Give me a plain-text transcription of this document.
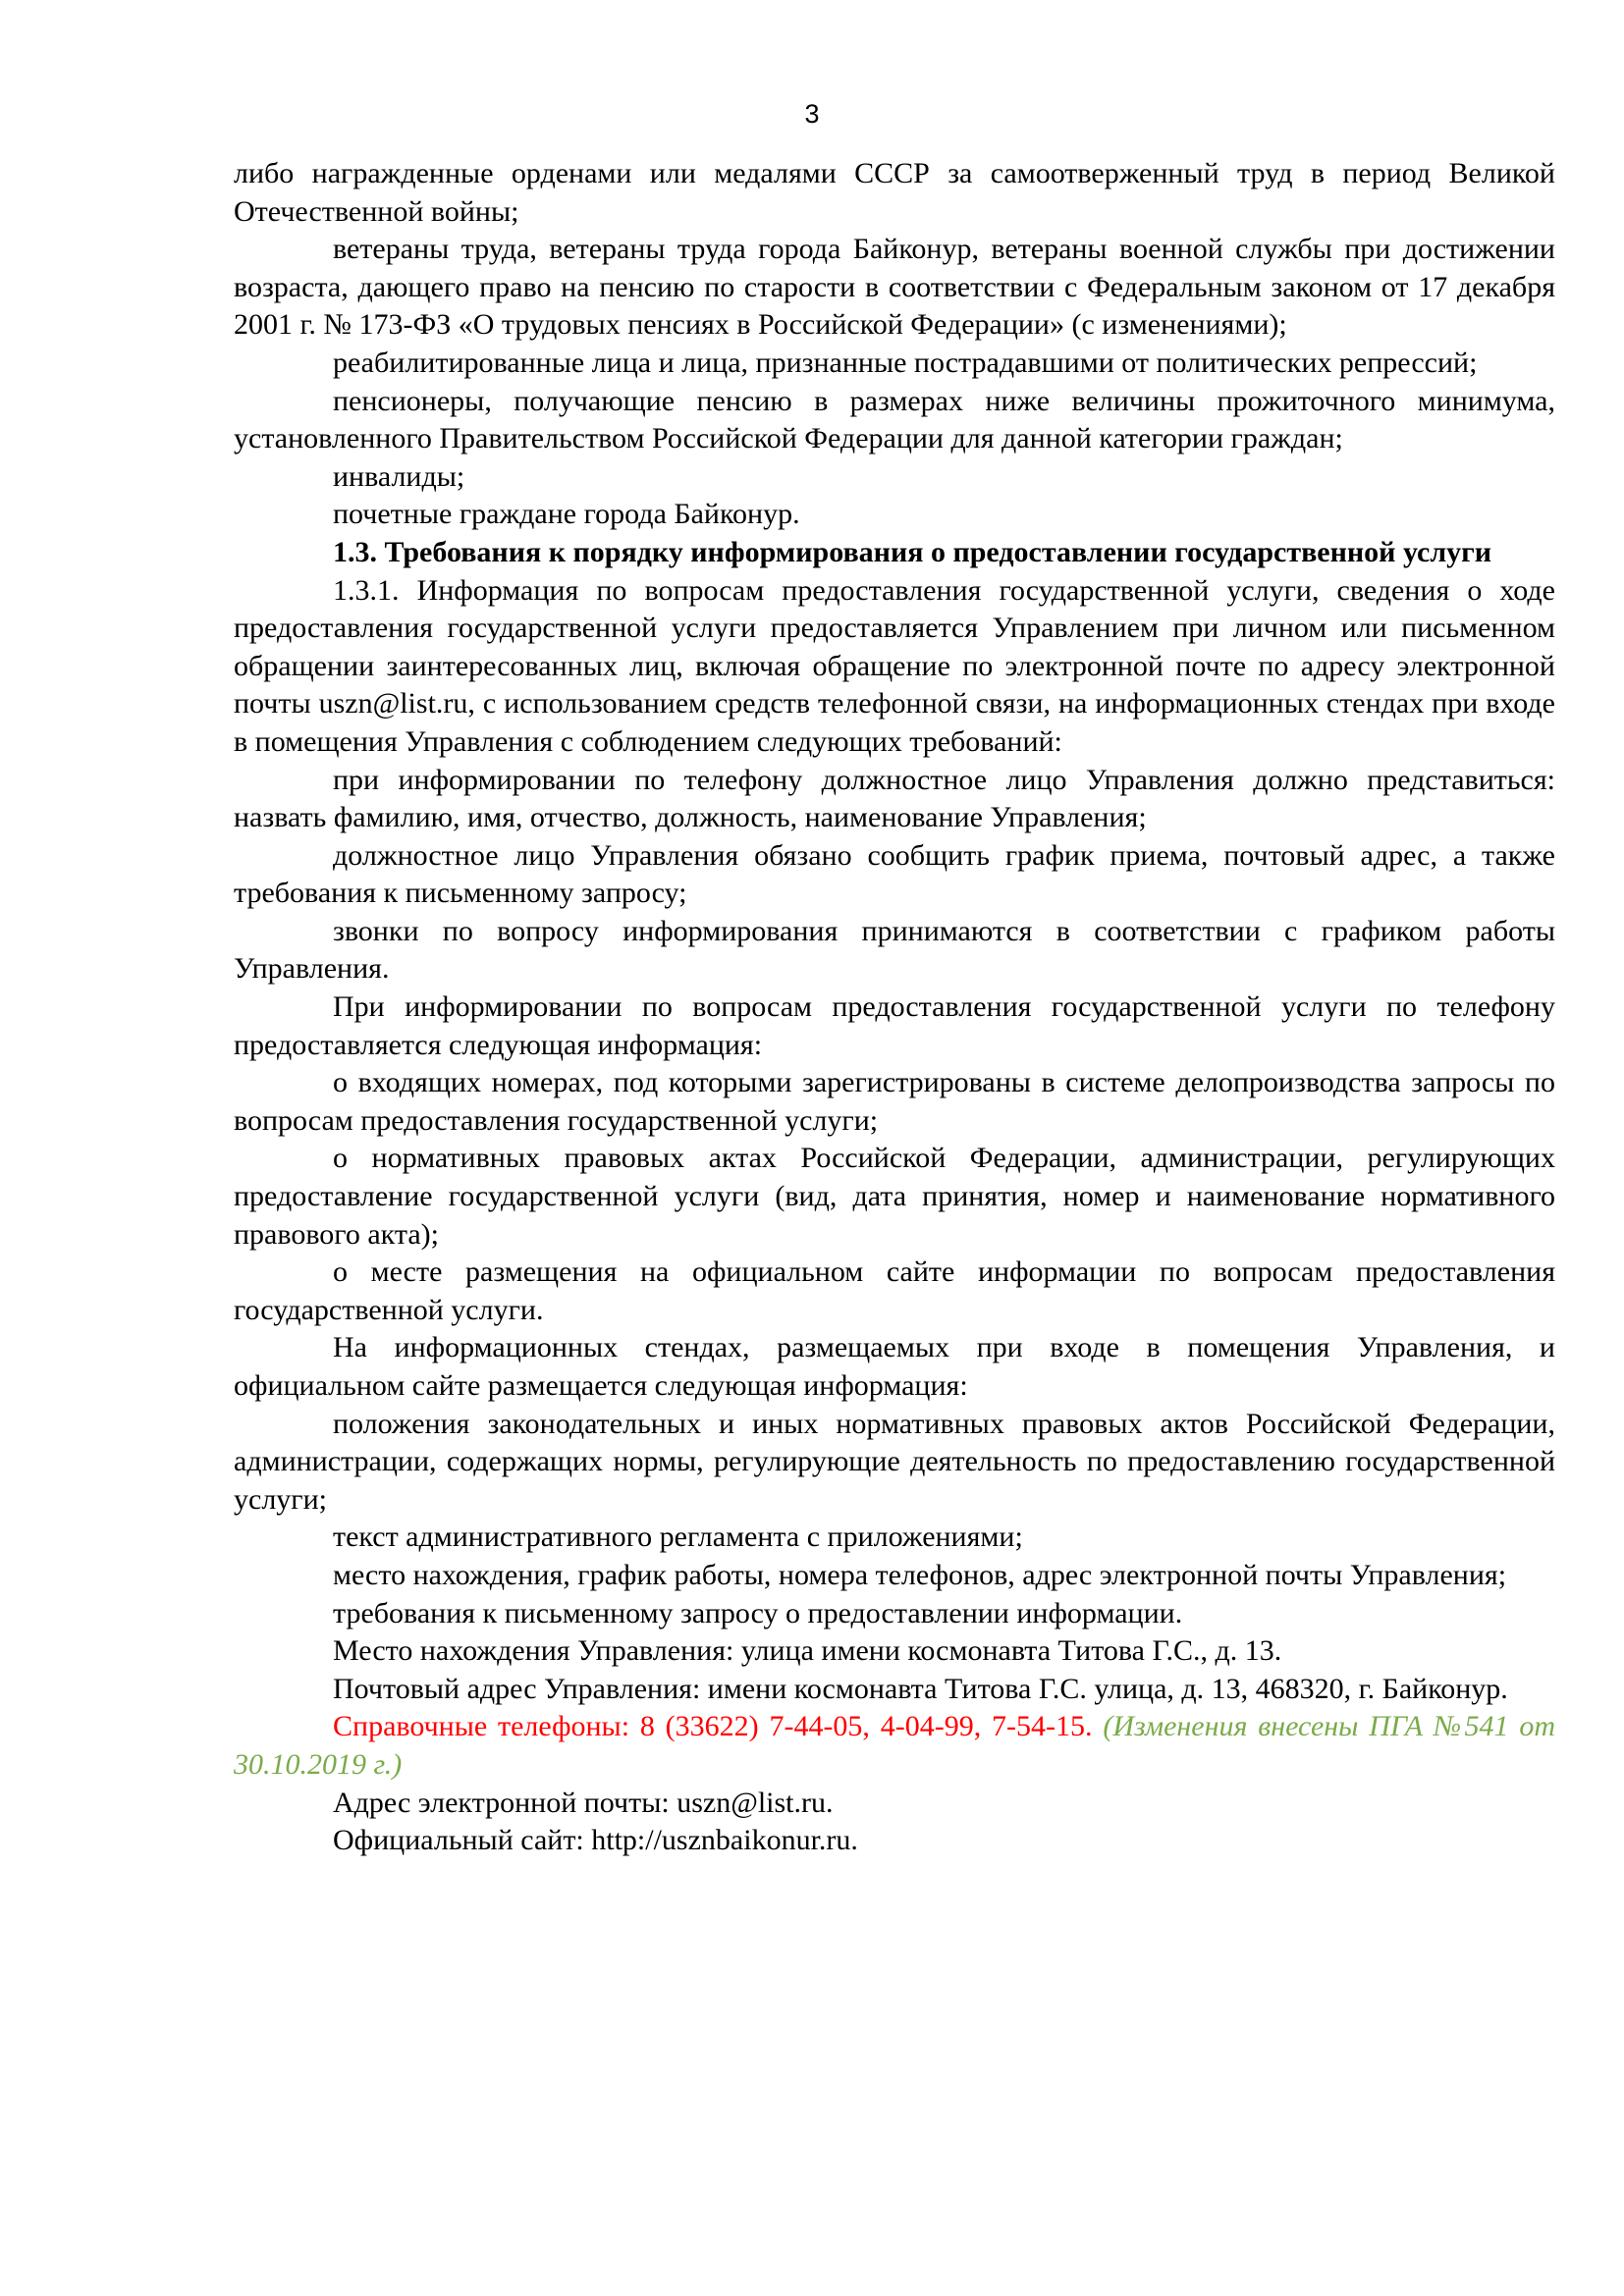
3

либо награжденные орденами или медалями СССР за самоотверженный труд в период Великой Отечественной войны;

ветераны труда, ветераны труда города Байконур, ветераны военной службы при достижении возраста, дающего право на пенсию по старости в соответствии с Федеральным законом от 17 декабря 2001 г. № 173-ФЗ «О трудовых пенсиях в Российской Федерации» (с изменениями);

реабилитированные лица и лица, признанные пострадавшими от политических репрессий;

пенсионеры, получающие пенсию в размерах ниже величины прожиточного минимума, установленного Правительством Российской Федерации для данной категории граждан;

инвалиды;

почетные граждане города Байконур.

1.3. Требования к порядку информирования о предоставлении государственной услуги

1.3.1. Информация по вопросам предоставления государственной услуги, сведения о ходе предоставления государственной услуги предоставляется Управлением при личном или письменном обращении заинтересованных лиц, включая обращение по электронной почте по адресу электронной почты uszn@list.ru, с использованием средств телефонной связи, на информационных стендах при входе в помещения Управления с соблюдением следующих требований:

при информировании по телефону должностное лицо Управления должно представиться: назвать фамилию, имя, отчество, должность, наименование Управления;

должностное лицо Управления обязано сообщить график приема, почтовый адрес, а также требования к письменному запросу;

звонки по вопросу информирования принимаются в соответствии с графиком работы Управления.

При информировании по вопросам предоставления государственной услуги по телефону предоставляется следующая информация:

о входящих номерах, под которыми зарегистрированы в системе делопроизводства запросы по вопросам предоставления государственной услуги;

о нормативных правовых актах Российской Федерации, администрации, регулирующих предоставление государственной услуги (вид, дата принятия, номер и наименование нормативного правового акта);

о месте размещения на официальном сайте информации по вопросам предоставления государственной услуги.

На информационных стендах, размещаемых при входе в помещения Управления, и официальном сайте размещается следующая информация:

положения законодательных и иных нормативных правовых актов Российской Федерации, администрации, содержащих нормы, регулирующие деятельность по предоставлению государственной услуги;

текст административного регламента с приложениями;

место нахождения, график работы, номера телефонов, адрес электронной почты Управления;

требования к письменному запросу о предоставлении информации.

Место нахождения Управления: улица имени космонавта Титова Г.С., д. 13.

Почтовый адрес Управления: имени космонавта Титова Г.С. улица, д. 13, 468320, г. Байконур.

Справочные телефоны: 8 (33622) 7-44-05, 4-04-99, 7-54-15. (Изменения внесены ПГА №541 от 30.10.2019 г.)

Адрес электронной почты: uszn@list.ru.

Официальный сайт: http://usznbaikonur.ru.
